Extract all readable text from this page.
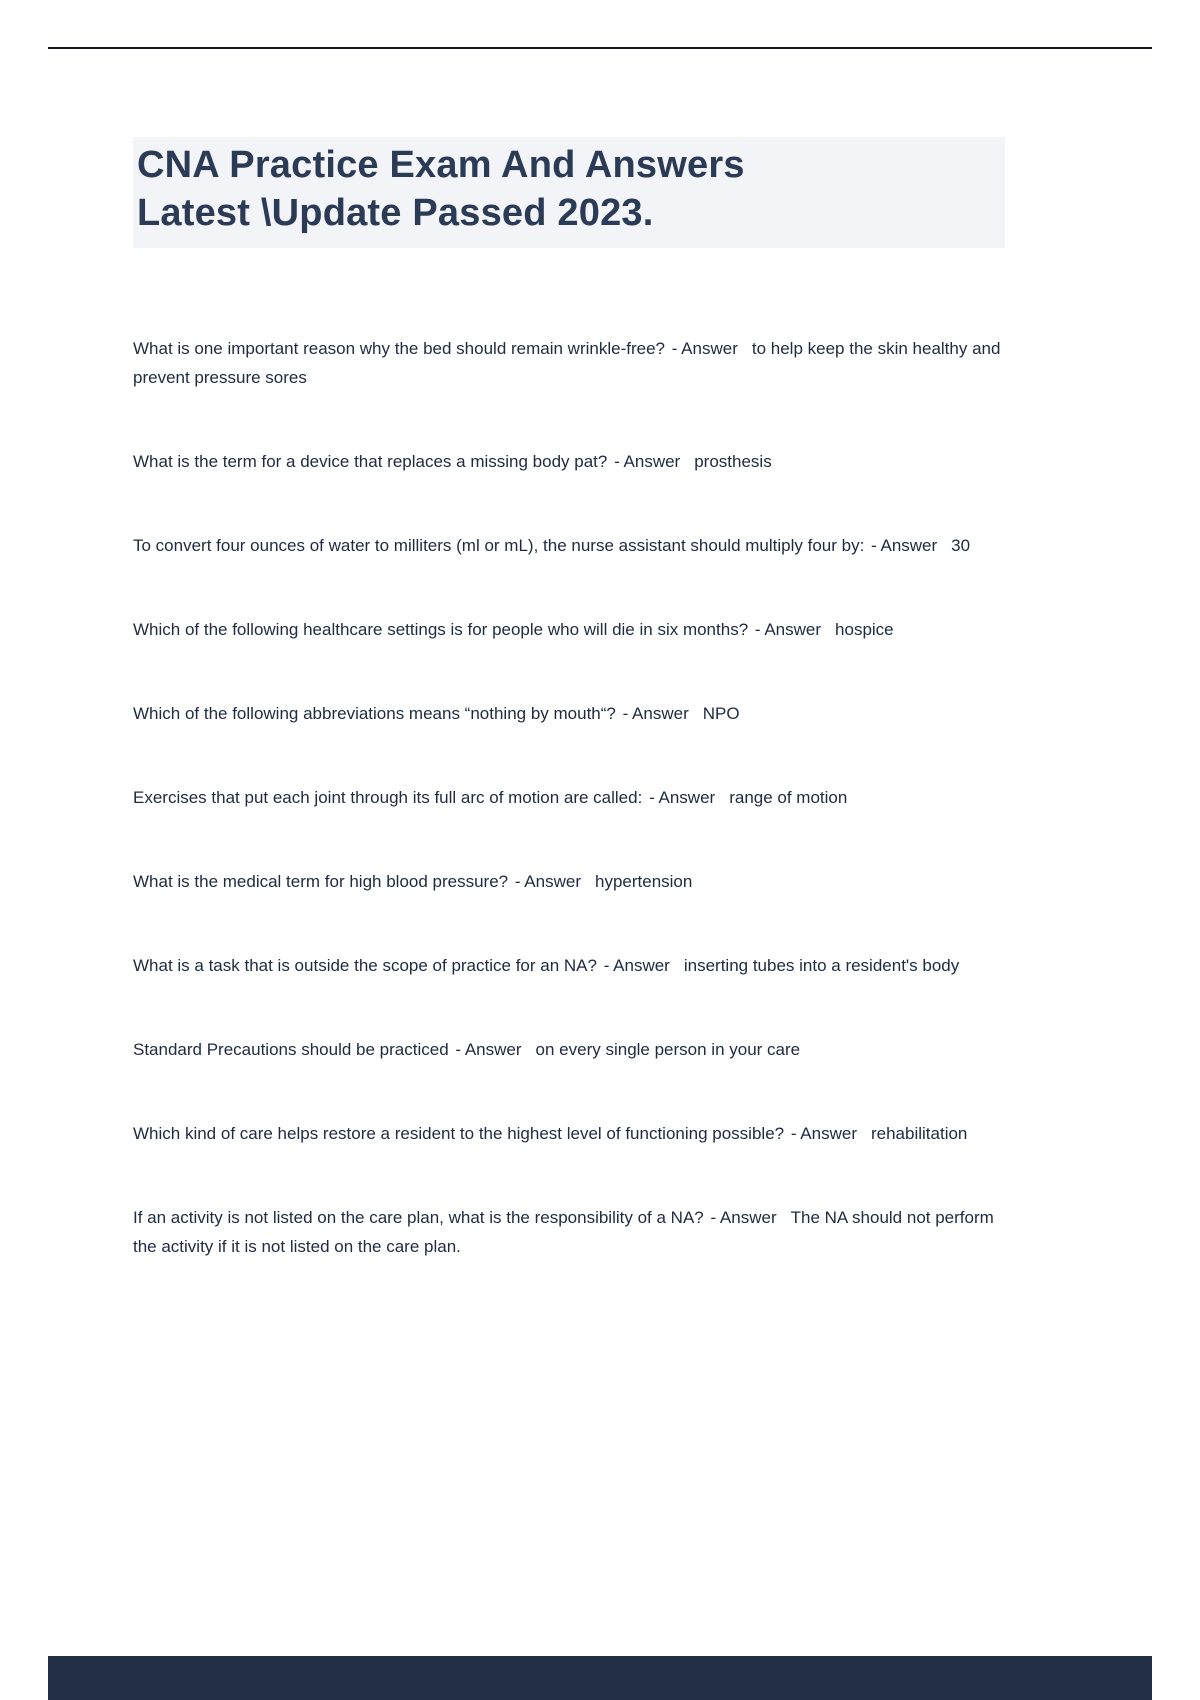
CNA Practice Exam And Answers
Latest \Update Passed 2023.

What is one important reason why the bed should remain wrinkle-free? - Answer to help keep the skin healthy and prevent pressure sores

What is the term for a device that replaces a missing body pat? - Answer prosthesis

To convert four ounces of water to milliters (ml or mL), the nurse assistant should multiply four by: - Answer 30

Which of the following healthcare settings is for people who will die in six months? - Answer hospice

Which of the following abbreviations means “nothing by mouth“? - Answer NPO

Exercises that put each joint through its full arc of motion are called: - Answer range of motion

What is the medical term for high blood pressure? - Answer hypertension

What is a task that is outside the scope of practice for an NA? - Answer inserting tubes into a resident's body

Standard Precautions should be practiced - Answer on every single person in your care

Which kind of care helps restore a resident to the highest level of functioning possible? - Answer rehabilitation

If an activity is not listed on the care plan, what is the responsibility of a NA? - Answer The NA should not perform the activity if it is not listed on the care plan.
